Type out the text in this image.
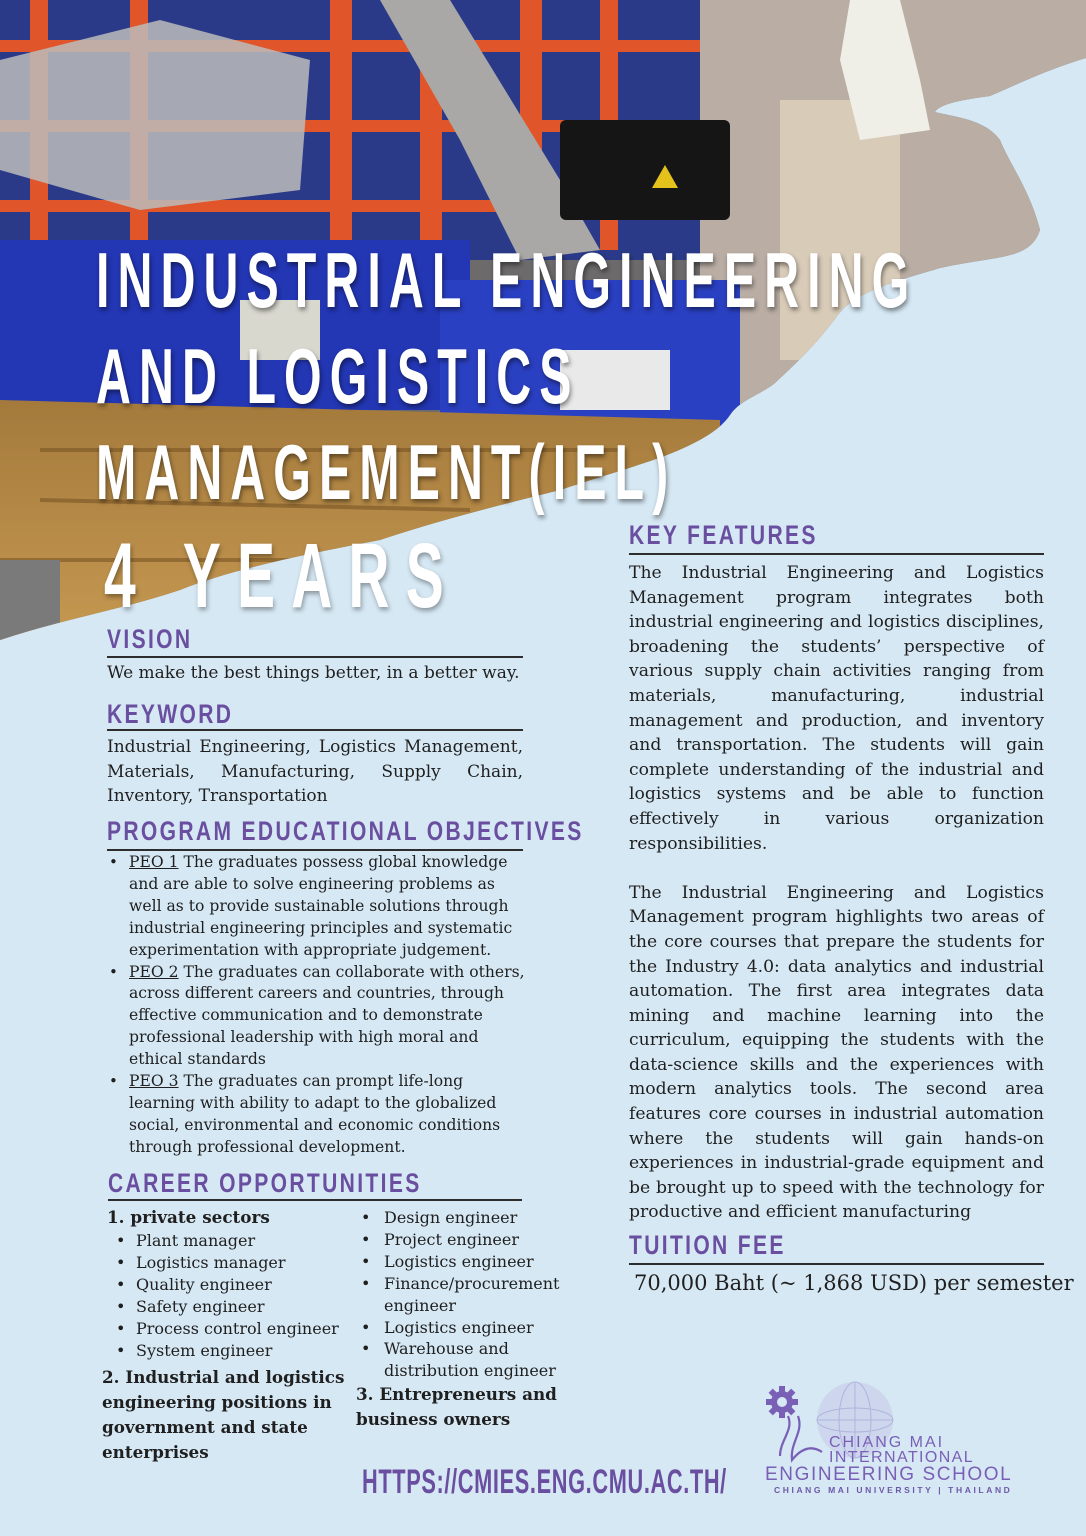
INDUSTRIAL ENGINEERING
AND LOGISTICS
MANAGEMENT(IEL)
4 YEARS
VISION
We make the best things better, in a better way.
KEYWORD
Industrial Engineering, Logistics Management, Materials, Manufacturing, Supply Chain, Inventory, Transportation
PROGRAM EDUCATIONAL OBJECTIVES
• PEO 1 The graduates possess global knowledge and are able to solve engineering problems as well as to provide sustainable solutions through industrial engineering principles and systematic experimentation with appropriate judgement.
• PEO 2 The graduates can collaborate with others, across different careers and countries, through effective communication and to demonstrate professional leadership with high moral and ethical standards
• PEO 3 The graduates can prompt life-long learning with ability to adapt to the globalized social, environmental and economic conditions through professional development.
CAREER OPPORTUNITIES
1. private sectors
• Plant manager
• Logistics manager
• Quality engineer
• Safety engineer
• Process control engineer
• System engineer
2. Industrial and logistics engineering positions in government and state enterprises
• Design engineer
• Project engineer
• Logistics engineer
• Finance/procurement engineer
• Logistics engineer
• Warehouse and distribution engineer
3. Entrepreneurs and business owners
KEY FEATURES

The Industrial Engineering and Logistics Management program integrates both industrial engineering and logistics disciplines, broadening the students’ perspective of various supply chain activities ranging from materials, manufacturing, industrial management and production, and inventory and transportation. The students will gain complete understanding of the industrial and logistics systems and be able to function effectively in various organization responsibilities.

The Industrial Engineering and Logistics Management program highlights two areas of the core courses that prepare the students for the Industry 4.0: data analytics and industrial automation. The first area integrates data mining and machine learning into the curriculum, equipping the students with the data-science skills and the experiences with modern analytics tools. The second area features core courses in industrial automation where the students will gain hands-on experiences in industrial-grade equipment and be brought up to speed with the technology for productive and efficient manufacturing

TUITION FEE
70,000 Baht (~ 1,868 USD) per semester
HTTPS://CMIES.ENG.CMU.AC.TH/
CHIANG MAI
INTERNATIONAL
ENGINEERING SCHOOL
CHIANG MAI UNIVERSITY | THAILAND
